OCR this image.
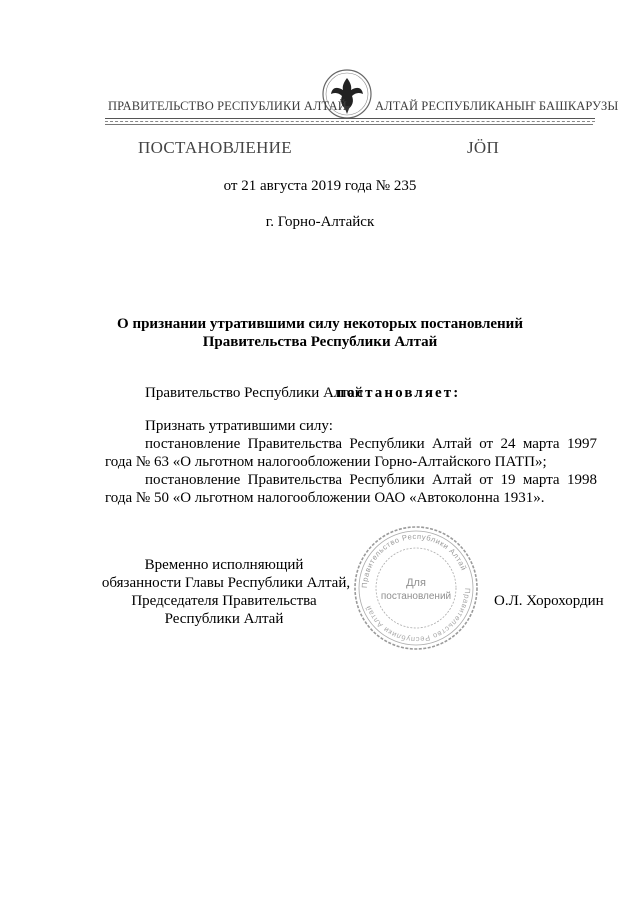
ПРАВИТЕЛЬСТВО РЕСПУБЛИКИ АЛТАЙ АЛТАЙ РЕСПУБЛИКАНЫҤ БАШКАРУЗЫ
ПОСТАНОВЛЕНИЕ	JÖП
от 21 августа 2019 года № 235
г. Горно-Алтайск
О признании утратившими силу некоторых постановлений
Правительства Республики Алтай
Правительство Республики Алтай
постановляет:
Признать утратившими силу:
постановление Правительства Республики Алтай от 24 марта 1997
года № 63 «О льготном налогообложении Горно-Алтайского ПАТП»;
постановление Правительства Республики Алтай от 19 марта 1998
года № 50 «О льготном налогообложении ОАО «Автоколонна 1931».
Правительство Республики Алтай
Правительство Республики Алтай
Для
постановлений
Временно исполняющий
обязанности Главы Республики Алтай,
Председателя Правительства
Республики Алтай
О.Л. Хорохордин
